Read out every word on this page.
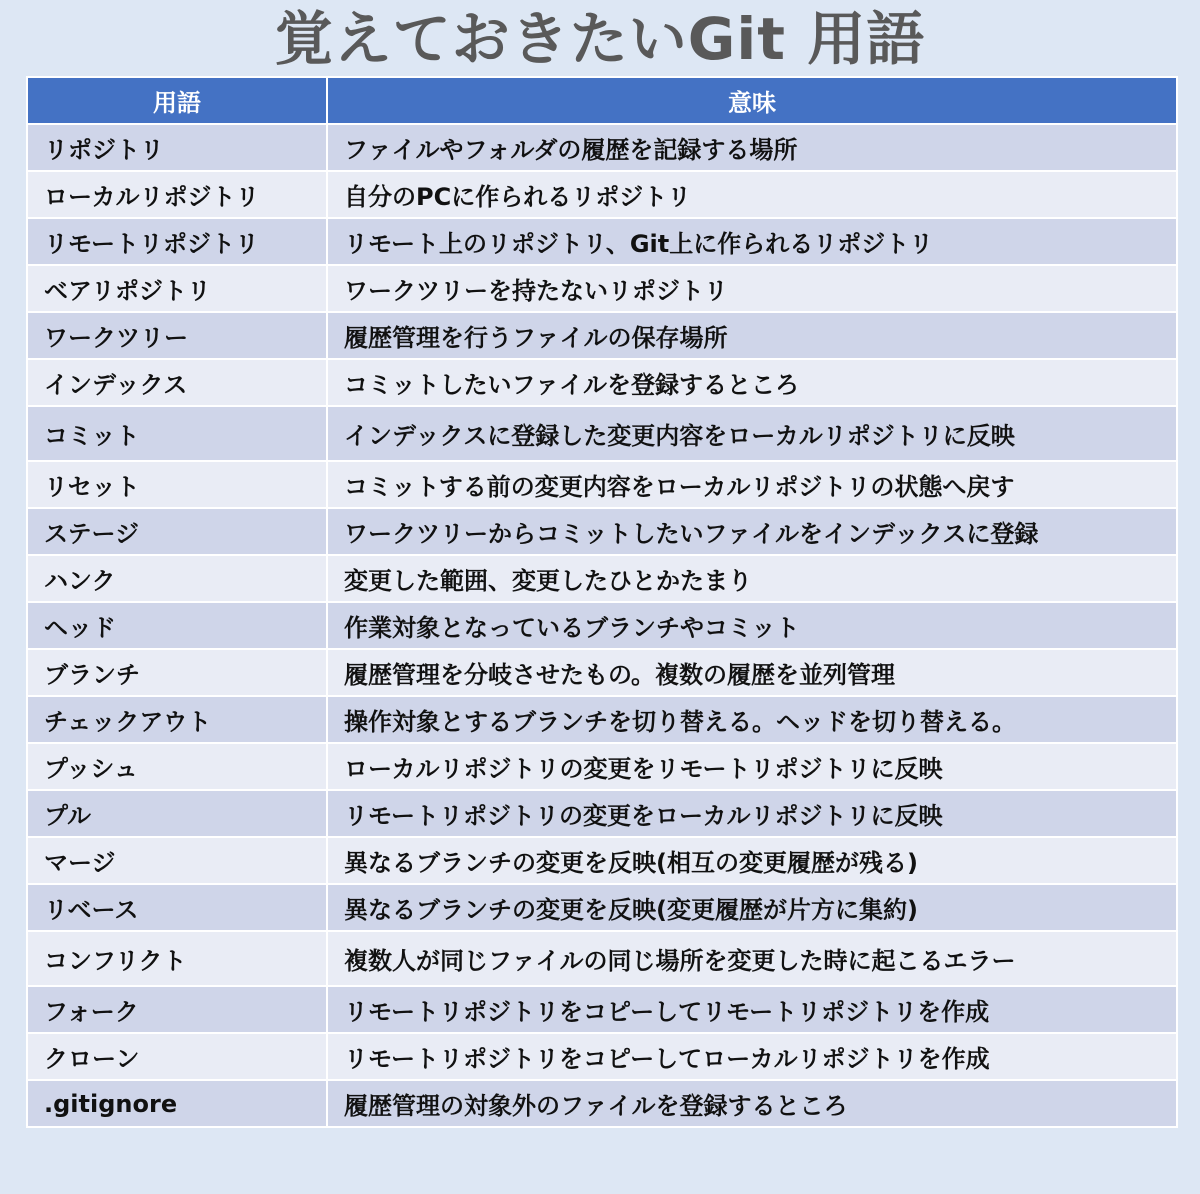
覚えておきたいGit 用語
用語	意味
リポジトリ	ファイルやフォルダの履歴を記録する場所
ローカルリポジトリ	自分のPCに作られるリポジトリ
リモートリポジトリ	リモート上のリポジトリ、Git上に作られるリポジトリ
ベアリポジトリ	ワークツリーを持たないリポジトリ
ワークツリー	履歴管理を行うファイルの保存場所
インデックス	コミットしたいファイルを登録するところ
コミット	インデックスに登録した変更内容をローカルリポジトリに反映
リセット	コミットする前の変更内容をローカルリポジトリの状態へ戻す
ステージ	ワークツリーからコミットしたいファイルをインデックスに登録
ハンク	変更した範囲、変更したひとかたまり
ヘッド	作業対象となっているブランチやコミット
ブランチ	履歴管理を分岐させたもの。複数の履歴を並列管理
チェックアウト	操作対象とするブランチを切り替える。ヘッドを切り替える。
プッシュ	ローカルリポジトリの変更をリモートリポジトリに反映
プル	リモートリポジトリの変更をローカルリポジトリに反映
マージ	異なるブランチの変更を反映(相互の変更履歴が残る)
リベース	異なるブランチの変更を反映(変更履歴が片方に集約)
コンフリクト	複数人が同じファイルの同じ場所を変更した時に起こるエラー
フォーク	リモートリポジトリをコピーしてリモートリポジトリを作成
クローン	リモートリポジトリをコピーしてローカルリポジトリを作成
.gitignore	履歴管理の対象外のファイルを登録するところ
